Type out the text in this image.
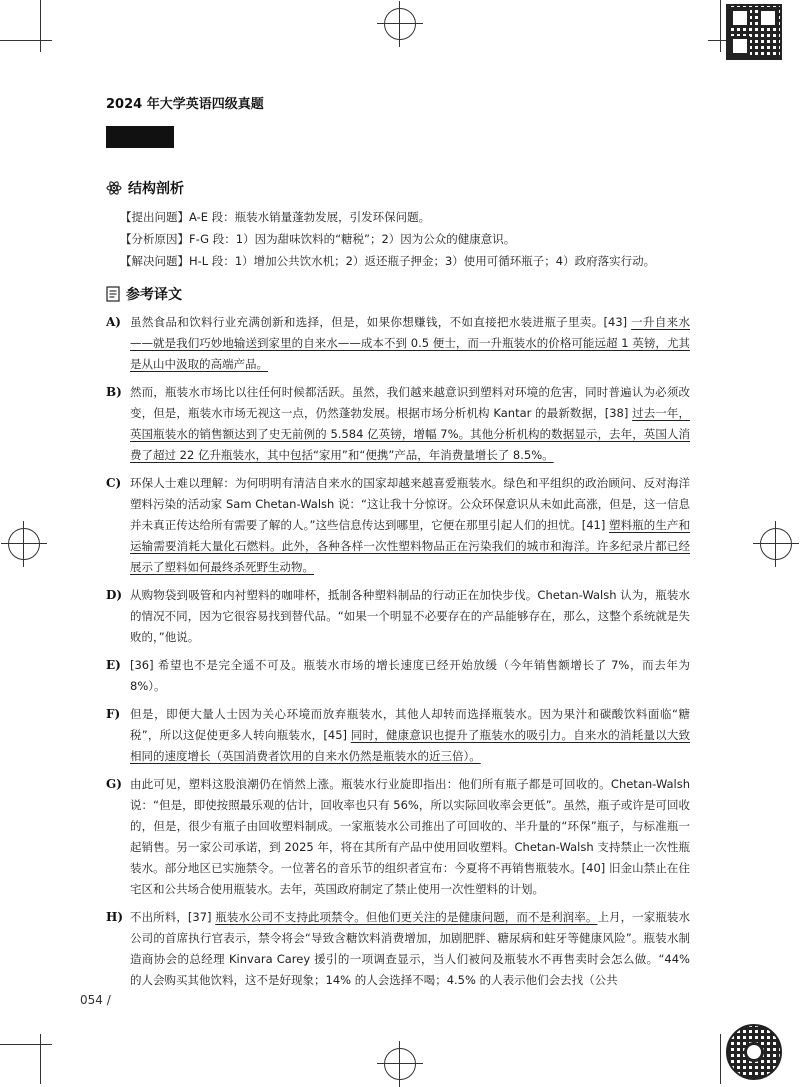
2024 年大学英语四级真题
结构剖析
【提出问题】A-E 段：瓶装水销量蓬勃发展，引发环保问题。
【分析原因】F-G 段：1）因为甜味饮料的“糖税”；2）因为公众的健康意识。
【解决问题】H-L 段：1）增加公共饮水机；2）返还瓶子押金；3）使用可循环瓶子；4）政府落实行动。
参考译文
A) 虽然食品和饮料行业充满创新和选择，但是，如果你想赚钱，不如直接把水装进瓶子里卖。[43] 一升自来水——就是我们巧妙地输送到家里的自来水——成本不到 0.5 便士，而一升瓶装水的价格可能远超 1 英镑，尤其是从山中汲取的高端产品。
B) 然而，瓶装水市场比以往任何时候都活跃。虽然，我们越来越意识到塑料对环境的危害，同时普遍认为必须改变，但是，瓶装水市场无视这一点，仍然蓬勃发展。根据市场分析机构 Kantar 的最新数据，[38] 过去一年，英国瓶装水的销售额达到了史无前例的 5.584 亿英镑，增幅 7%。其他分析机构的数据显示，去年，英国人消费了超过 22 亿升瓶装水，其中包括“家用”和“便携”产品，年消费量增长了 8.5%。
C) 环保人士难以理解：为何明明有清洁自来水的国家却越来越喜爱瓶装水。绿色和平组织的政治顾问、反对海洋塑料污染的活动家 Sam Chetan-Walsh 说：“这让我十分惊讶。公众环保意识从未如此高涨，但是，这一信息并未真正传达给所有需要了解的人。”这些信息传达到哪里，它便在那里引起人们的担忧。[41] 塑料瓶的生产和运输需要消耗大量化石燃料。此外，各种各样一次性塑料物品正在污染我们的城市和海洋。许多纪录片都已经展示了塑料如何最终杀死野生动物。
D) 从购物袋到吸管和内衬塑料的咖啡杯，抵制各种塑料制品的行动正在加快步伐。Chetan-Walsh 认为，瓶装水的情况不同，因为它很容易找到替代品。“如果一个明显不必要存在的产品能够存在，那么，这整个系统就是失败的，”他说。
E) [36] 希望也不是完全遥不可及。瓶装水市场的增长速度已经开始放缓（今年销售额增长了 7%，而去年为 8%）。
F) 但是，即便大量人士因为关心环境而放弃瓶装水，其他人却转而选择瓶装水。因为果汁和碳酸饮料面临“糖税”，所以这促使更多人转向瓶装水，[45] 同时，健康意识也提升了瓶装水的吸引力。自来水的消耗量以大致相同的速度增长（英国消费者饮用的自来水仍然是瓶装水的近三倍）。
G) 由此可见，塑料这股浪潮仍在悄然上涨。瓶装水行业旋即指出：他们所有瓶子都是可回收的。Chetan-Walsh 说：“但是，即使按照最乐观的估计，回收率也只有 56%，所以实际回收率会更低”。虽然，瓶子或许是可回收的，但是，很少有瓶子由回收塑料制成。一家瓶装水公司推出了可回收的、半升量的“环保”瓶子，与标准瓶一起销售。另一家公司承诺，到 2025 年，将在其所有产品中使用回收塑料。Chetan-Walsh 支持禁止一次性瓶装水。部分地区已实施禁令。一位著名的音乐节的组织者宣布：今夏将不再销售瓶装水。[40] 旧金山禁止在住宅区和公共场合使用瓶装水。去年，英国政府制定了禁止使用一次性塑料的计划。
H) 不出所料，[37] 瓶装水公司不支持此项禁令。但他们更关注的是健康问题，而不是利润率。上月，一家瓶装水公司的首席执行官表示，禁令将会“导致含糖饮料消费增加，加剧肥胖、糖尿病和蛀牙等健康风险”。瓶装水制造商协会的总经理 Kinvara Carey 援引的一项调查显示，当人们被问及瓶装水不再售卖时会怎么做。“44% 的人会购买其他饮料，这不是好现象；14% 的人会选择不喝；4.5% 的人表示他们会去找（公共
054 /
